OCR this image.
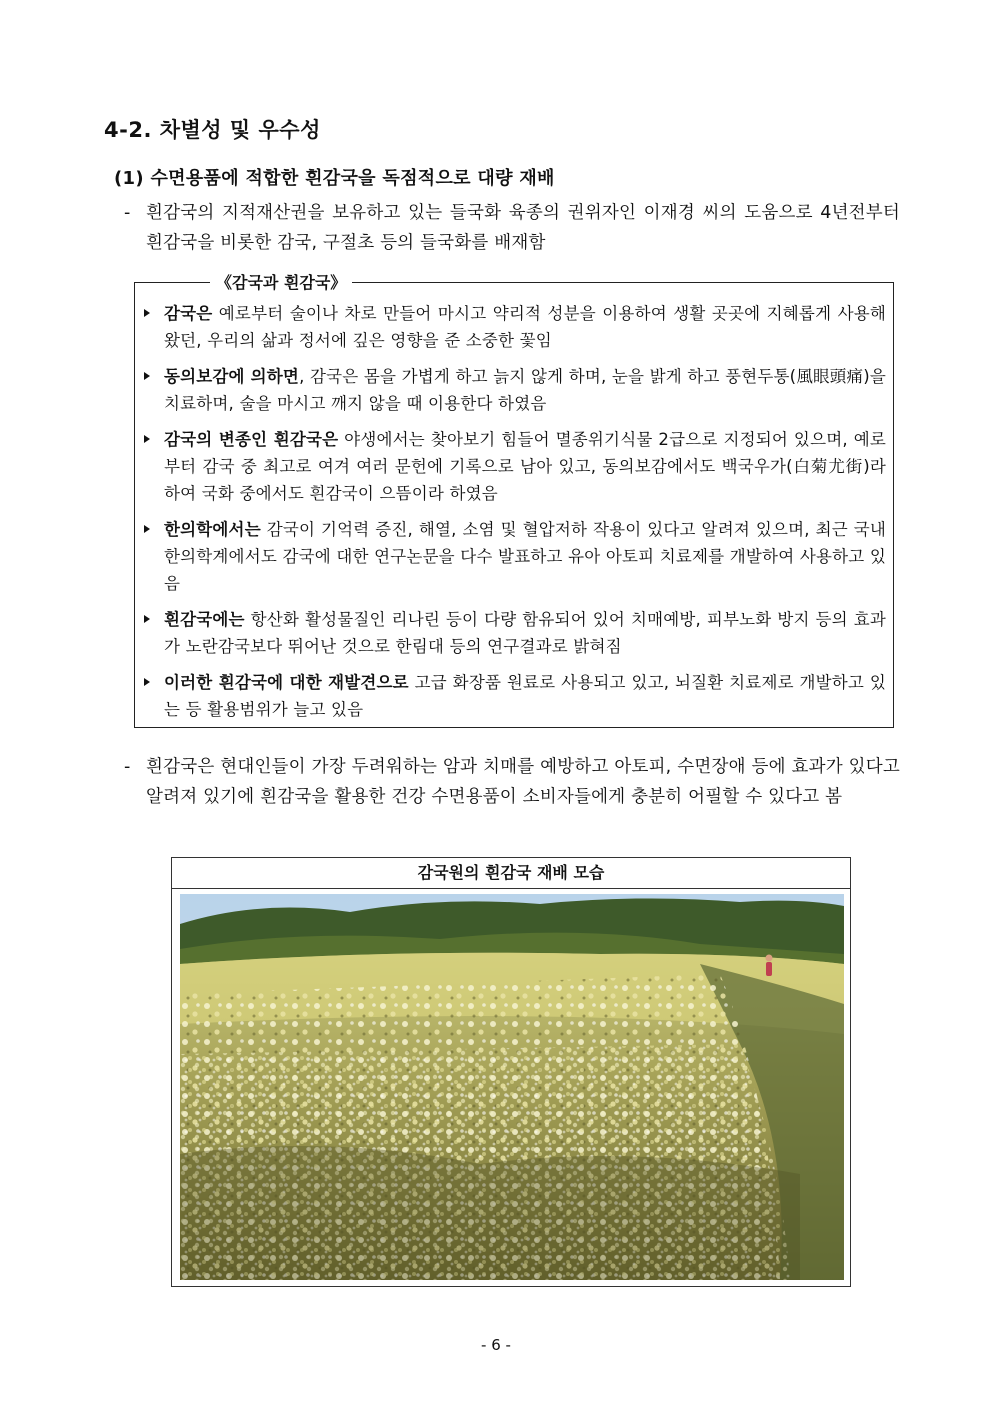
4-2. 차별성 및 우수성
(1) 수면용품에 적합한 흰감국을 독점적으로 대량 재배
- 흰감국의 지적재산권을 보유하고 있는 들국화 육종의 권위자인 이재경 씨의 도움으로 4년전부터 흰감국을 비롯한 감국, 구절초 등의 들국화를 배재함
《감국과 흰감국》
감국은 예로부터 술이나 차로 만들어 마시고 약리적 성분을 이용하여 생활 곳곳에 지혜롭게 사용해 왔던, 우리의 삶과 정서에 깊은 영향을 준 소중한 꽃임
동의보감에 의하면, 감국은 몸을 가볍게 하고 늙지 않게 하며, 눈을 밝게 하고 풍현두통(風眼頭痛)을 치료하며, 술을 마시고 깨지 않을 때 이용한다 하였음
감국의 변종인 흰감국은 야생에서는 찾아보기 힘들어 멸종위기식물 2급으로 지정되어 있으며, 예로부터 감국 중 최고로 여겨 여러 문헌에 기록으로 남아 있고, 동의보감에서도 백국우가(白菊尤街)라 하여 국화 중에서도 흰감국이 으뜸이라 하였음
한의학에서는 감국이 기억력 증진, 해열, 소염 및 혈압저하 작용이 있다고 알려져 있으며, 최근 국내 한의학계에서도 감국에 대한 연구논문을 다수 발표하고 유아 아토피 치료제를 개발하여 사용하고 있음
흰감국에는 항산화 활성물질인 리나린 등이 다량 함유되어 있어 치매예방, 피부노화 방지 등의 효과가 노란감국보다 뛰어난 것으로 한림대 등의 연구결과로 밝혀짐
이러한 흰감국에 대한 재발견으로 고급 화장품 원료로 사용되고 있고, 뇌질환 치료제로 개발하고 있는 등 활용범위가 늘고 있음
- 흰감국은 현대인들이 가장 두려워하는 암과 치매를 예방하고 아토피, 수면장애 등에 효과가 있다고 알려져 있기에 흰감국을 활용한 건강 수면용품이 소비자들에게 충분히 어필할 수 있다고 봄
감국원의 흰감국 재배 모습
- 6 -
